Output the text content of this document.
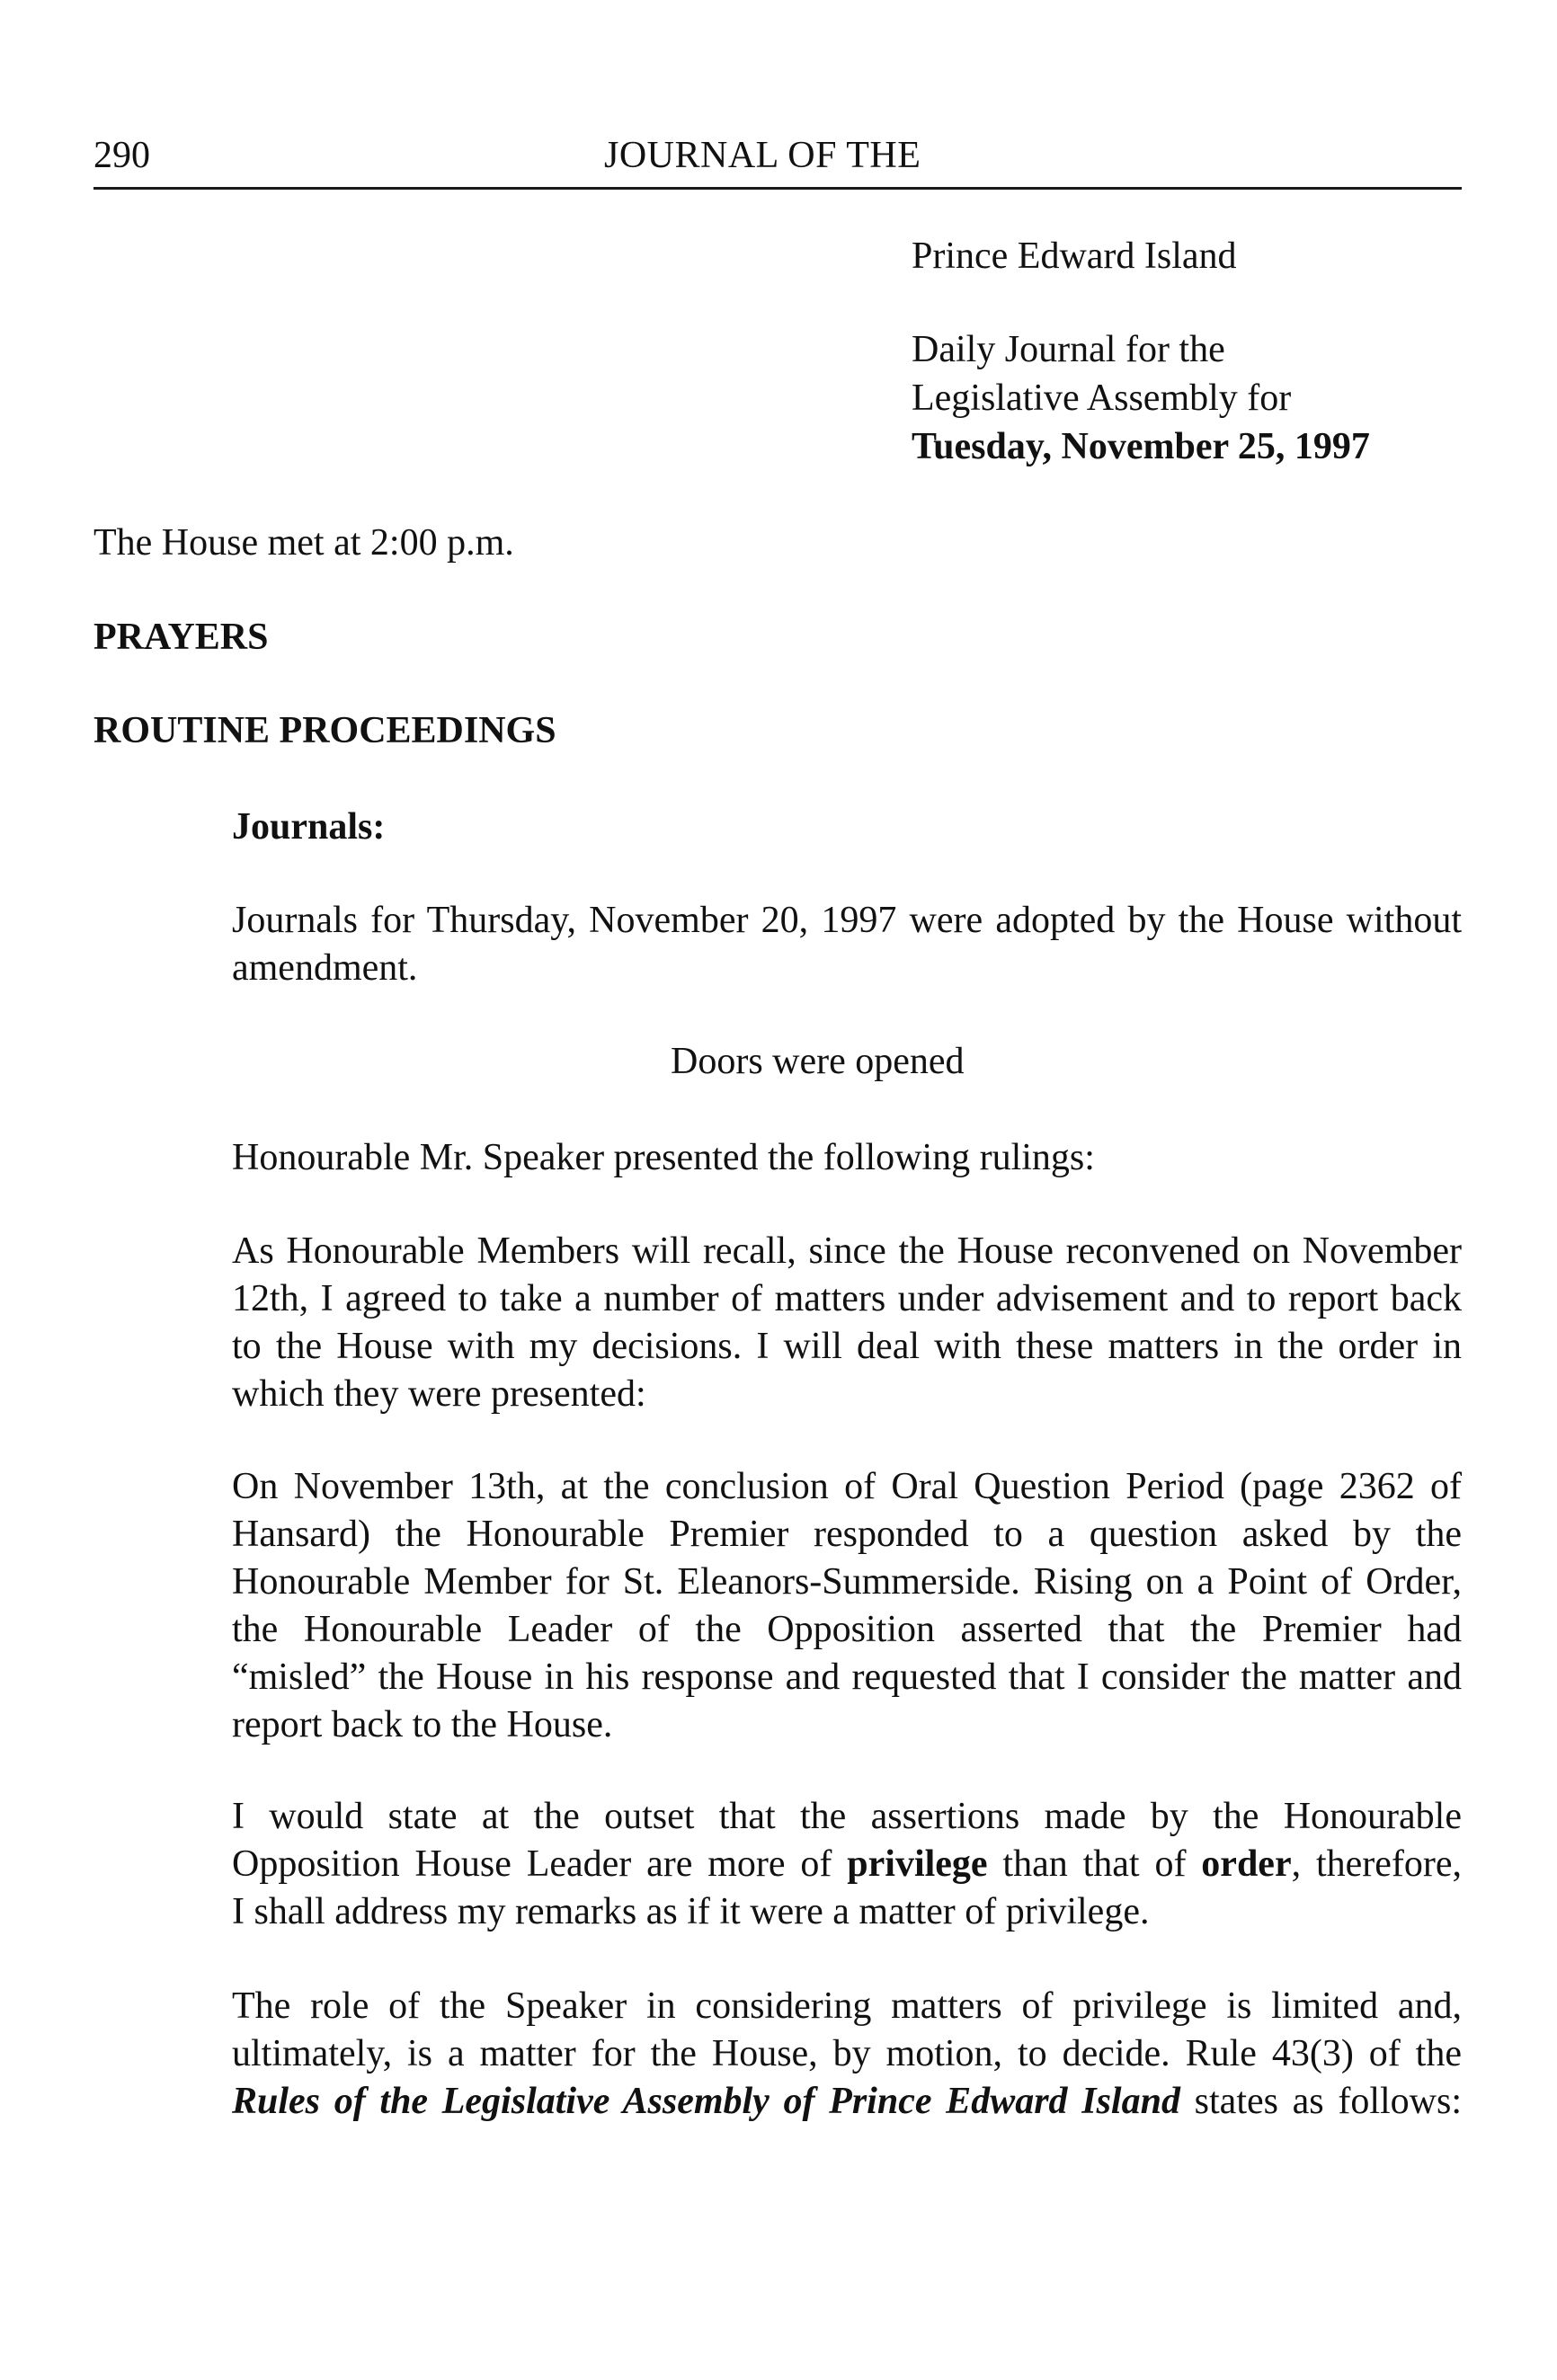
290	JOURNAL OF THE
Prince Edward Island
Daily Journal for the
Legislative Assembly for
Tuesday, November 25, 1997
The House met at 2:00 p.m.
PRAYERS
ROUTINE PROCEEDINGS
Journals:
Journals for Thursday, November 20, 1997 were adopted by the House without
amendment.
Doors were opened
Honourable Mr. Speaker presented the following rulings:
As Honourable Members will recall, since the House reconvened on November
12th, I agreed to take a number of matters under advisement and to report back
to the House with my decisions. I will deal with these matters in the order in
which they were presented:
On November 13th, at the conclusion of Oral Question Period (page 2362 of
Hansard) the Honourable Premier responded to a question asked by the
Honourable Member for St. Eleanors-Summerside. Rising on a Point of Order,
the Honourable Leader of the Opposition asserted that the Premier had
“misled” the House in his response and requested that I consider the matter and
report back to the House.
I would state at the outset that the assertions made by the Honourable
Opposition House Leader are more of privilege than that of order, therefore,
I shall address my remarks as if it were a matter of privilege.
The role of the Speaker in considering matters of privilege is limited and,
ultimately, is a matter for the House, by motion, to decide. Rule 43(3) of the
Rules of the Legislative Assembly of Prince Edward Island states as follows:
